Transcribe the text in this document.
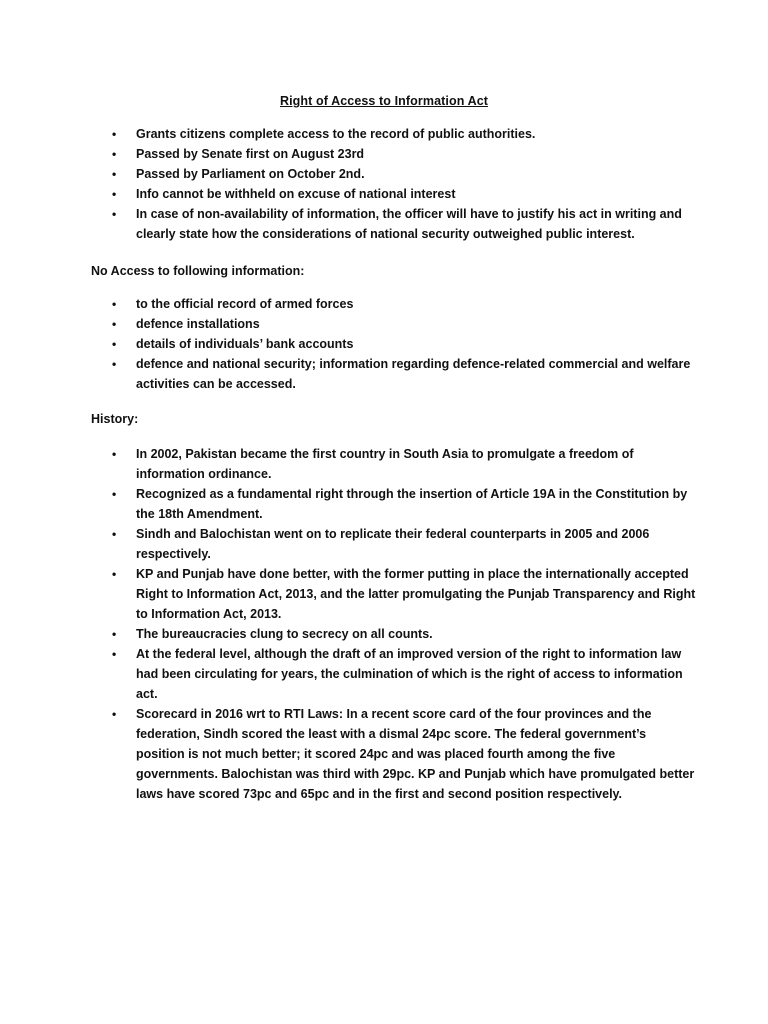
Right of Access to Information Act
• Grants citizens complete access to the record of public authorities.
• Passed by Senate first on August 23rd
• Passed by Parliament on October 2nd.
• Info cannot be withheld on excuse of national interest
• In case of non-availability of information, the officer will have to justify his act in writing and clearly state how the considerations of national security outweighed public interest.
No Access to following information:
• to the official record of armed forces
• defence installations
• details of individuals’ bank accounts
• defence and national security; information regarding defence-related commercial and welfare activities can be accessed.
History:
• In 2002, Pakistan became the first country in South Asia to promulgate a freedom of information ordinance.
• Recognized as a fundamental right through the insertion of Article 19A in the Constitution by the 18th Amendment.
• Sindh and Balochistan went on to replicate their federal counterparts in 2005 and 2006 respectively.
• KP and Punjab have done better, with the former putting in place the internationally accepted Right to Information Act, 2013, and the latter promulgating the Punjab Transparency and Right to Information Act, 2013.
• The bureaucracies clung to secrecy on all counts.
• At the federal level, although the draft of an improved version of the right to information law had been circulating for years, the culmination of which is the right of access to information act.
• Scorecard in 2016 wrt to RTI Laws: In a recent score card of the four provinces and the federation, Sindh scored the least with a dismal 24pc score. The federal government’s position is not much better; it scored 24pc and was placed fourth among the five governments. Balochistan was third with 29pc. KP and Punjab which have promulgated better laws have scored 73pc and 65pc and in the first and second position respectively.
